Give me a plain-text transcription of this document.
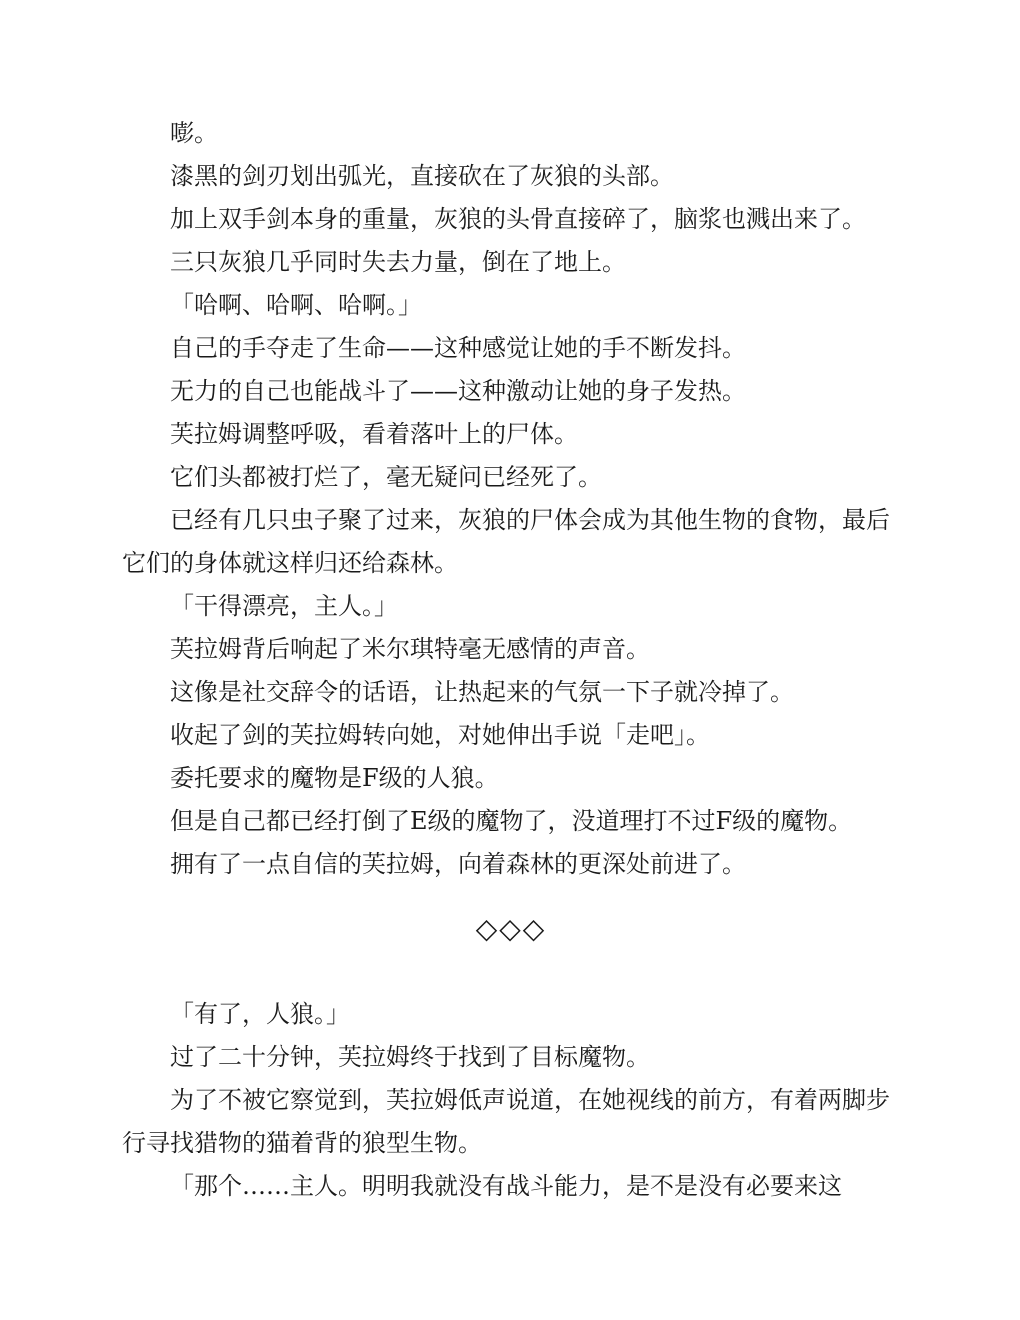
嘭。

漆黑的剑刃划出弧光，直接砍在了灰狼的头部。

加上双手剑本身的重量，灰狼的头骨直接碎了，脑浆也溅出来了。

三只灰狼几乎同时失去力量，倒在了地上。

「哈啊、哈啊、哈啊。」

自己的手夺走了生命——这种感觉让她的手不断发抖。

无力的自己也能战斗了——这种激动让她的身子发热。

芙拉姆调整呼吸，看着落叶上的尸体。

它们头都被打烂了，毫无疑问已经死了。

已经有几只虫子聚了过来，灰狼的尸体会成为其他生物的食物，最后它们的身体就这样归还给森林。

「干得漂亮，主人。」

芙拉姆背后响起了米尔琪特毫无感情的声音。

这像是社交辞令的话语，让热起来的气氛一下子就冷掉了。

收起了剑的芙拉姆转向她，对她伸出手说「走吧」。

委托要求的魔物是F级的人狼。

但是自己都已经打倒了E级的魔物了，没道理打不过F级的魔物。

拥有了一点自信的芙拉姆，向着森林的更深处前进了。

◇◇◇

「有了，人狼。」

过了二十分钟，芙拉姆终于找到了目标魔物。

为了不被它察觉到，芙拉姆低声说道，在她视线的前方，有着两脚步行寻找猎物的猫着背的狼型生物。

「那个……主人。明明我就没有战斗能力，是不是没有必要来这
